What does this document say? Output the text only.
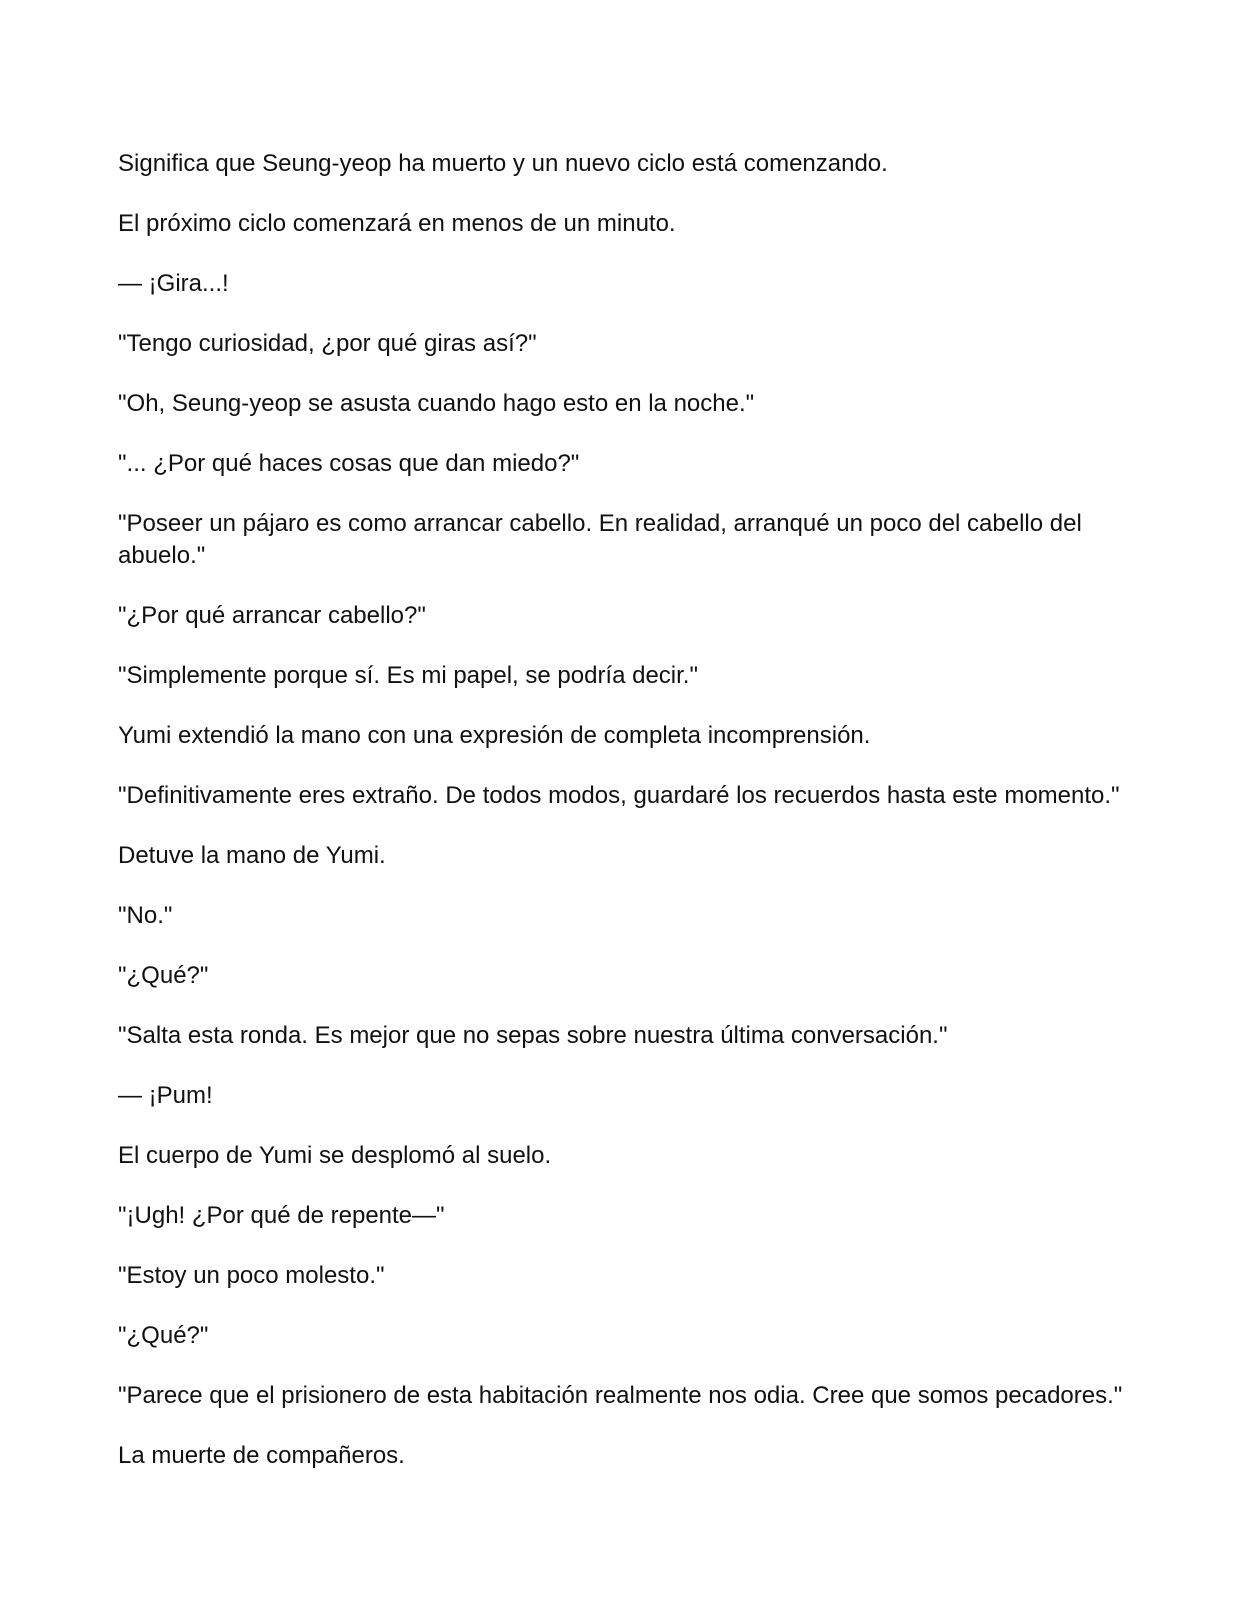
Significa que Seung-yeop ha muerto y un nuevo ciclo está comenzando.

El próximo ciclo comenzará en menos de un minuto.

— ¡Gira...!

"Tengo curiosidad, ¿por qué giras así?"

"Oh, Seung-yeop se asusta cuando hago esto en la noche."

"... ¿Por qué haces cosas que dan miedo?"

"Poseer un pájaro es como arrancar cabello. En realidad, arranqué un poco del cabello del abuelo."

"¿Por qué arrancar cabello?"

"Simplemente porque sí. Es mi papel, se podría decir."

Yumi extendió la mano con una expresión de completa incomprensión.

"Definitivamente eres extraño. De todos modos, guardaré los recuerdos hasta este momento."

Detuve la mano de Yumi.

"No."

"¿Qué?"

"Salta esta ronda. Es mejor que no sepas sobre nuestra última conversación."

— ¡Pum!

El cuerpo de Yumi se desplomó al suelo.

"¡Ugh! ¿Por qué de repente—"

"Estoy un poco molesto."

"¿Qué?"

"Parece que el prisionero de esta habitación realmente nos odia. Cree que somos pecadores."

La muerte de compañeros.
